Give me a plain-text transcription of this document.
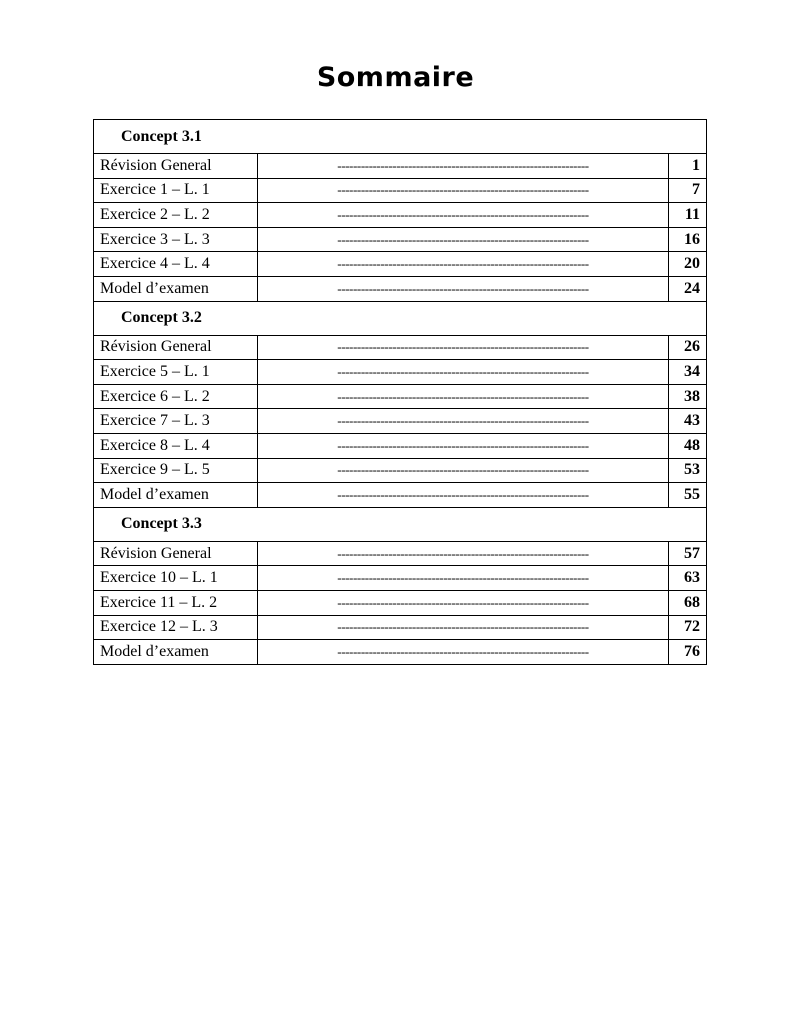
Sommaire
Concept 3.1		
Révision General	----------------------------------------------------------------	1
Exercice 1 – L. 1	----------------------------------------------------------------	7
Exercice 2 – L. 2	----------------------------------------------------------------	11
Exercice 3 – L. 3	----------------------------------------------------------------	16
Exercice 4 – L. 4	----------------------------------------------------------------	20
Model d’examen	----------------------------------------------------------------	24
Concept 3.2		
Révision General	----------------------------------------------------------------	26
Exercice 5 – L. 1	----------------------------------------------------------------	34
Exercice 6 – L. 2	----------------------------------------------------------------	38
Exercice 7 – L. 3	----------------------------------------------------------------	43
Exercice 8 – L. 4	----------------------------------------------------------------	48
Exercice 9 – L. 5	----------------------------------------------------------------	53
Model d’examen	----------------------------------------------------------------	55
Concept 3.3		
Révision General	----------------------------------------------------------------	57
Exercice 10 – L. 1	----------------------------------------------------------------	63
Exercice 11 – L. 2	----------------------------------------------------------------	68
Exercice 12 – L. 3	----------------------------------------------------------------	72
Model d’examen	----------------------------------------------------------------	76
